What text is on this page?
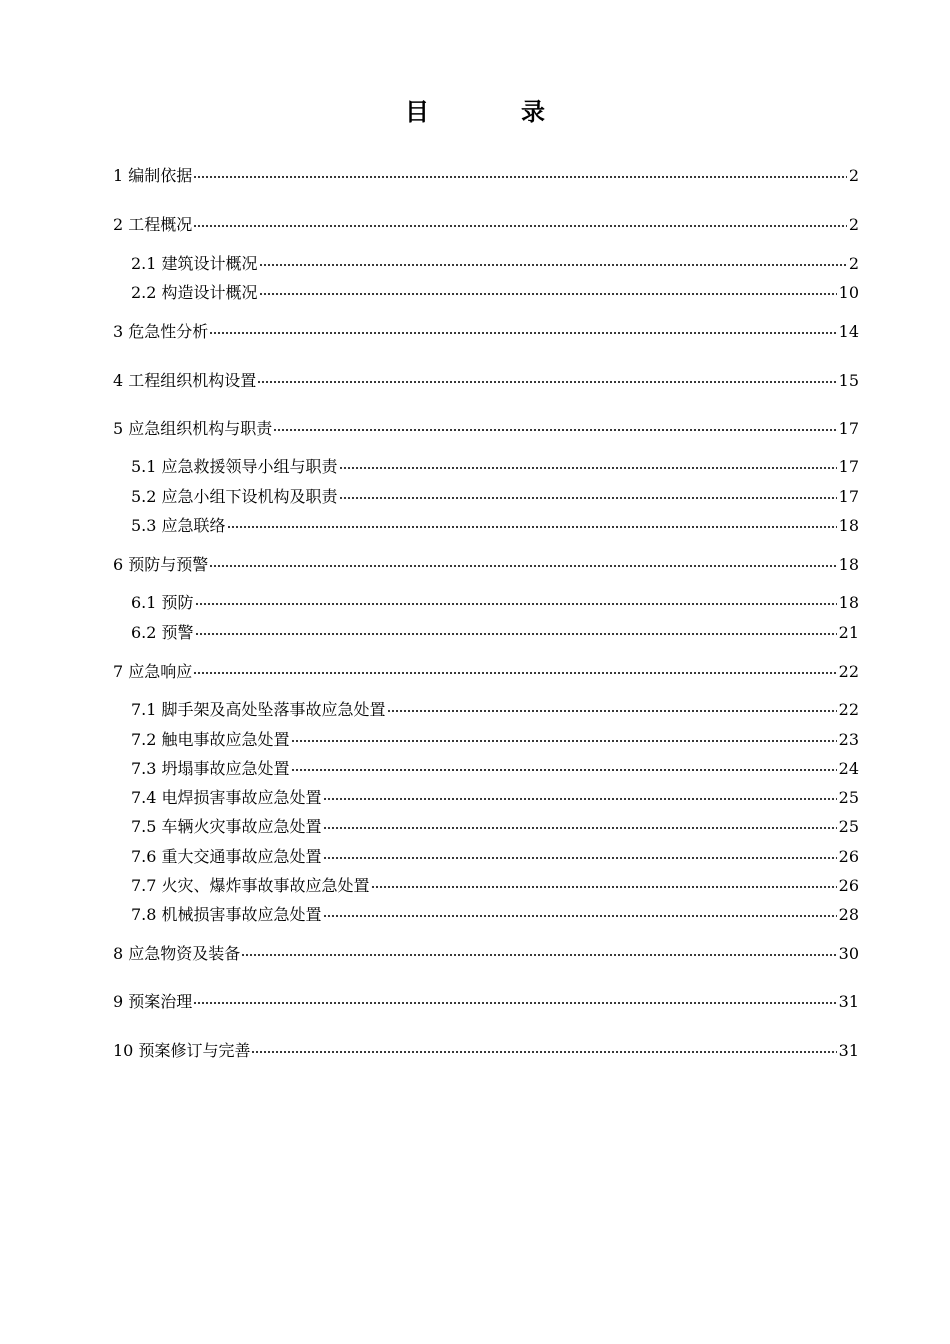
目　录
1 编制依据	2
2 工程概况	2
2.1 建筑设计概况	2
2.2 构造设计概况	10
3 危急性分析	14
4 工程组织机构设置	15
5 应急组织机构与职责	17
5.1 应急救援领导小组与职责	17
5.2 应急小组下设机构及职责	17
5.3 应急联络	18
6 预防与预警	18
6.1 预防	18
6.2 预警	21
7 应急响应	22
7.1 脚手架及高处坠落事故应急处置	22
7.2 触电事故应急处置	23
7.3 坍塌事故应急处置	24
7.4 电焊损害事故应急处置	25
7.5 车辆火灾事故应急处置	25
7.6 重大交通事故应急处置	26
7.7 火灾、爆炸事故事故应急处置	26
7.8 机械损害事故应急处置	28
8 应急物资及装备	30
9 预案治理	31
10 预案修订与完善	31
